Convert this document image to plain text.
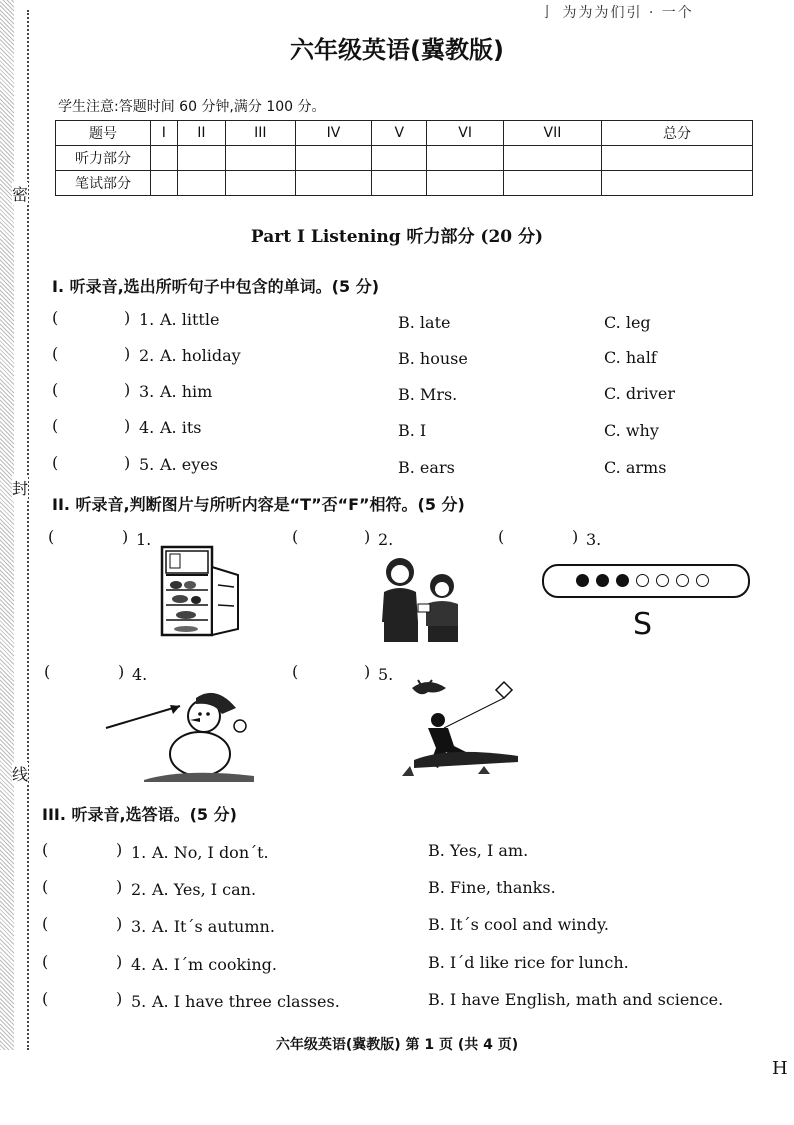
密
封
线
亅 为为为们引 · 一个
六年级英语(冀教版)
学生注意:答题时间 60 分钟,满分 100 分。
题号	I	II	III	IV	V	VI	VII	总分
听力部分								
笔试部分								
Part I Listening 听力部分 (20 分)
I. 听录音,选出所听句子中包含的单词。(5 分)
(	) 1. A. little	B. late	C. leg
(	) 2. A. holiday	B. house	C. half
(	) 3. A. him	B. Mrs.	C. driver
(	) 4. A. its	B. I	C. why
(	) 5. A. eyes	B. ears	C. arms
II. 听录音,判断图片与所听内容是“T”否“F”相符。(5 分)
(	) 1.	(	) 2.	(	) 3.
S
(	) 4.	(	) 5.
III. 听录音,选答语。(5 分)
(	) 1. A. No, I don´t.	B. Yes, I am.
(	) 2. A. Yes, I can.	B. Fine, thanks.
(	) 3. A. It´s autumn.	B. It´s cool and windy.
(	) 4. A. I´m cooking.	B. I´d like rice for lunch.
(	) 5. A. I have three classes.	B. I have English, math and science.
六年级英语(冀教版) 第 1 页 (共 4 页)
H
